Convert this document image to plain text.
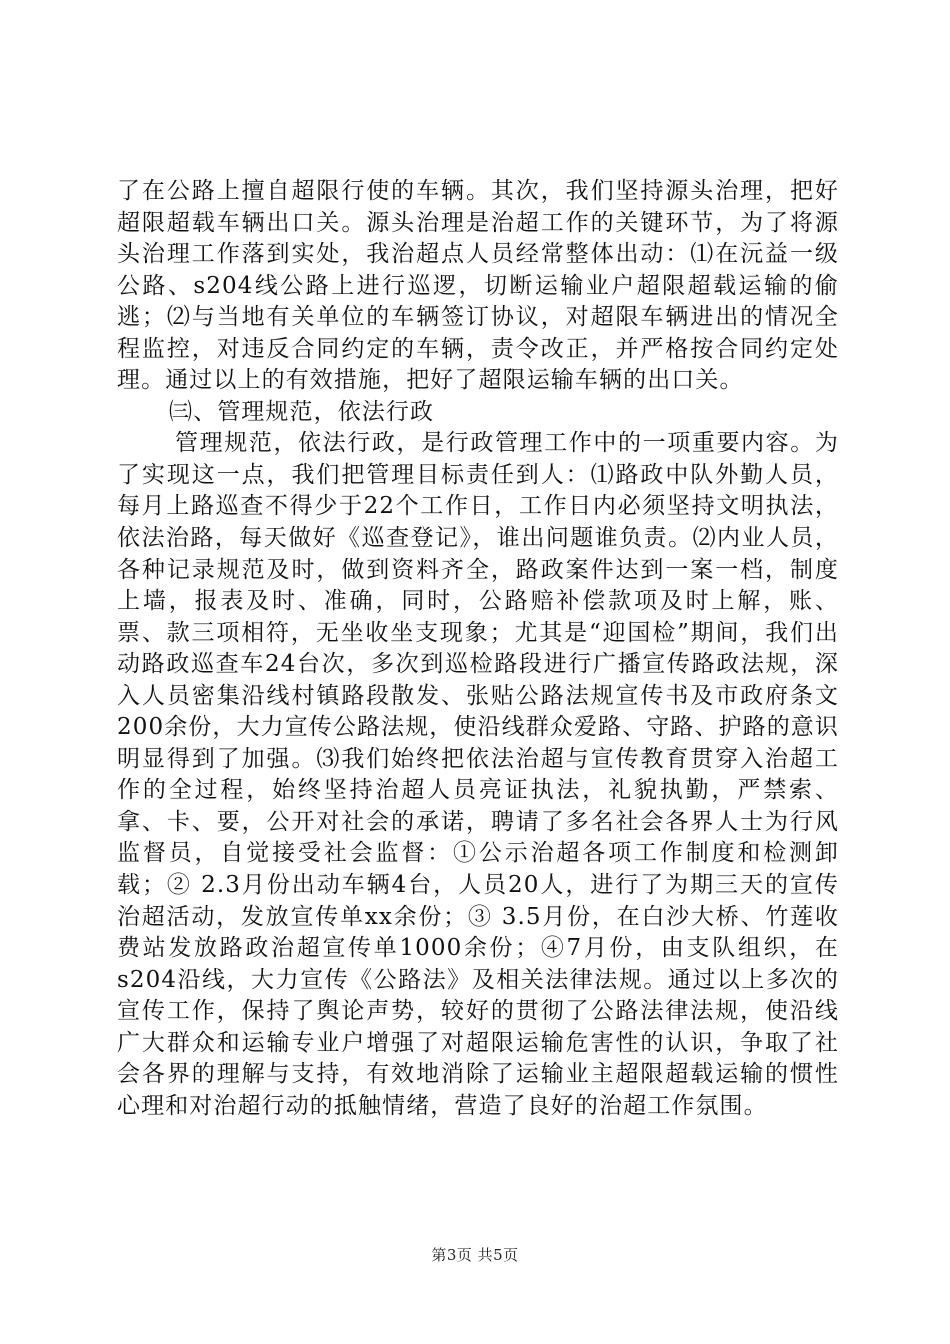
了在公路上擅自超限行使的车辆。其次，我们坚持源头治理，把好超限超载车辆出口关。源头治理是治超工作的关键环节，为了将源头治理工作落到实处，我治超点人员经常整体出动：⑴在沅益一级公路、s204线公路上进行巡逻，切断运输业户超限超载运输的偷逃；⑵与当地有关单位的车辆签订协议，对超限车辆进出的情况全程监控，对违反合同约定的车辆，责令改正，并严格按合同约定处理。通过以上的有效措施，把好了超限运输车辆的出口关。

㈢、管理规范，依法行政

管理规范，依法行政，是行政管理工作中的一项重要内容。为了实现这一点，我们把管理目标责任到人：⑴路政中队外勤人员，每月上路巡查不得少于22个工作日，工作日内必须坚持文明执法，依法治路，每天做好《巡查登记》，谁出问题谁负责。⑵内业人员，各种记录规范及时，做到资料齐全，路政案件达到一案一档，制度上墙，报表及时、准确，同时，公路赔补偿款项及时上解，账、票、款三项相符，无坐收坐支现象；尤其是“迎国检”期间，我们出动路政巡查车24台次，多次到巡检路段进行广播宣传路政法规，深入人员密集沿线村镇路段散发、张贴公路法规宣传书及市政府条文200余份，大力宣传公路法规，使沿线群众爱路、守路、护路的意识明显得到了加强。⑶我们始终把依法治超与宣传教育贯穿入治超工作的全过程，始终坚持治超人员亮证执法，礼貌执勤，严禁索、拿、卡、要，公开对社会的承诺，聘请了多名社会各界人士为行风监督员，自觉接受社会监督：①公示治超各项工作制度和检测卸载；② 2.3月份出动车辆4台，人员20人，进行了为期三天的宣传治超活动，发放宣传单xx余份；③ 3.5月份，在白沙大桥、竹莲收费站发放路政治超宣传单1000余份；④7月份，由支队组织，在s204沿线，大力宣传《公路法》及相关法律法规。通过以上多次的宣传工作，保持了舆论声势，较好的贯彻了公路法律法规，使沿线广大群众和运输专业户增强了对超限运输危害性的认识，争取了社会各界的理解与支持，有效地消除了运输业主超限超载运输的惯性心理和对治超行动的抵触情绪，营造了良好的治超工作氛围。

第3页 共5页
